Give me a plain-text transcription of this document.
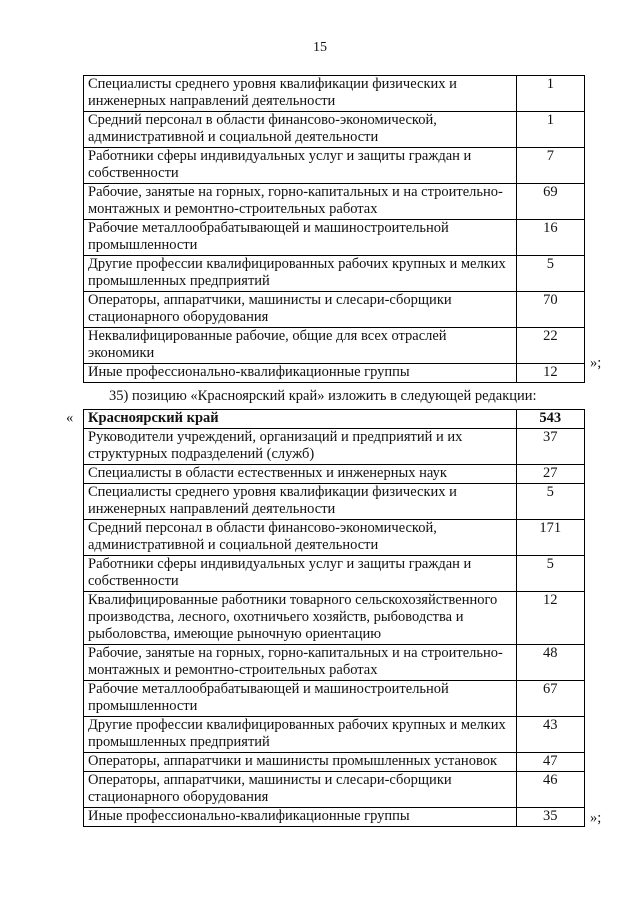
15
Специалисты среднего уровня квалификации физических и инженерных направлений деятельности	1
Средний персонал в области финансово-экономической, административной и социальной деятельности	1
Работники сферы индивидуальных услуг и защиты граждан и собственности	7
Рабочие, занятые на горных, горно-капитальных и на строительно-монтажных и ремонтно-строительных работах	69
Рабочие металлообрабатывающей и машиностроительной промышленности	16
Другие профессии квалифицированных рабочих крупных и мелких промышленных предприятий	5
Операторы, аппаратчики, машинисты и слесари-сборщики стационарного оборудования	70
Неквалифицированные рабочие, общие для всех отраслей экономики	22
Иные профессионально-квалификационные группы	12
»;
35) позицию «Красноярский край» изложить в следующей редакции:
« Красноярский край	543
Руководители учреждений, организаций и предприятий и их структурных подразделений (служб)	37
Специалисты в области естественных и инженерных наук	27
Специалисты среднего уровня квалификации физических и инженерных направлений деятельности	5
Средний персонал в области финансово-экономической, административной и социальной деятельности	171
Работники сферы индивидуальных услуг и защиты граждан и собственности	5
Квалифицированные работники товарного сельскохозяйственного производства, лесного, охотничьего хозяйств, рыбоводства и рыболовства, имеющие рыночную ориентацию	12
Рабочие, занятые на горных, горно-капитальных и на строительно-монтажных и ремонтно-строительных работах	48
Рабочие металлообрабатывающей и машиностроительной промышленности	67
Другие профессии квалифицированных рабочих крупных и мелких промышленных предприятий	43
Операторы, аппаратчики и машинисты промышленных установок	47
Операторы, аппаратчики, машинисты и слесари-сборщики стационарного оборудования	46
Иные профессионально-квалификационные группы	35 »;
